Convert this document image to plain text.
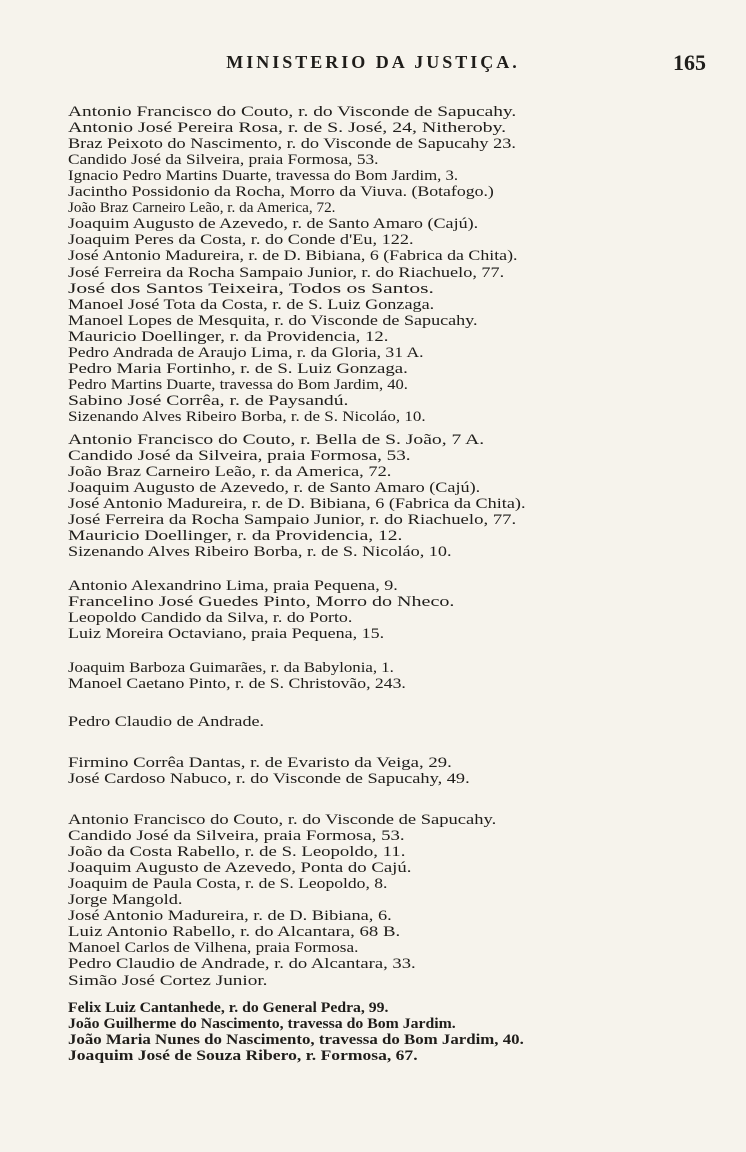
MINISTERIO DA JUSTIÇA.	165
Antonio Francisco do Couto, r. do Visconde de Sapucahy.
Antonio José Pereira Rosa, r. de S. José, 24, Nitheroby.
Braz Peixoto do Nascimento, r. do Visconde de Sapucahy 23.
Candido José da Silveira, praia Formosa, 53.
Ignacio Pedro Martins Duarte, travessa do Bom Jardim, 3.
Jacintho Possidonio da Rocha, Morro da Viuva. (Botafogo.)
João Braz Carneiro Leão, r. da America, 72.
Joaquim Augusto de Azevedo, r. de Santo Amaro (Cajú).
Joaquim Peres da Costa, r. do Conde d'Eu, 122.
José Antonio Madureira, r. de D. Bibiana, 6 (Fabrica da Chita).
José Ferreira da Rocha Sampaio Junior, r. do Riachuelo, 77.
José dos Santos Teixeira, Todos os Santos.
Manoel José Tota da Costa, r. de S. Luiz Gonzaga.
Manoel Lopes de Mesquita, r. do Visconde de Sapucahy.
Mauricio Doellinger, r. da Providencia, 12.
Pedro Andrada de Araujo Lima, r. da Gloria, 31 A.
Pedro Maria Fortinho, r. de S. Luiz Gonzaga.
Pedro Martins Duarte, travessa do Bom Jardim, 40.
Sabino José Corrêa, r. de Paysandú.
Sizenando Alves Ribeiro Borba, r. de S. Nicoláo, 10.
Antonio Francisco do Couto, r. Bella de S. João, 7 A.
Candido José da Silveira, praia Formosa, 53.
João Braz Carneiro Leão, r. da America, 72.
Joaquim Augusto de Azevedo, r. de Santo Amaro (Cajú).
José Antonio Madureira, r. de D. Bibiana, 6 (Fabrica da Chita).
José Ferreira da Rocha Sampaio Junior, r. do Riachuelo, 77.
Mauricio Doellinger, r. da Providencia, 12.
Sizenando Alves Ribeiro Borba, r. de S. Nicoláo, 10.
Antonio Alexandrino Lima, praia Pequena, 9.
Francelino José Guedes Pinto, Morro do Nheco.
Leopoldo Candido da Silva, r. do Porto.
Luiz Moreira Octaviano, praia Pequena, 15.
Joaquim Barboza Guimarães, r. da Babylonia, 1.
Manoel Caetano Pinto, r. de S. Christovão, 243.
Pedro Claudio de Andrade.
Firmino Corrêa Dantas, r. de Evaristo da Veiga, 29.
José Cardoso Nabuco, r. do Visconde de Sapucahy, 49.
Antonio Francisco do Couto, r. do Visconde de Sapucahy.
Candido José da Silveira, praia Formosa, 53.
João da Costa Rabello, r. de S. Leopoldo, 11.
Joaquim Augusto de Azevedo, Ponta do Cajú.
Joaquim de Paula Costa, r. de S. Leopoldo, 8.
Jorge Mangold.
José Antonio Madureira, r. de D. Bibiana, 6.
Luiz Antonio Rabello, r. do Alcantara, 68 B.
Manoel Carlos de Vilhena, praia Formosa.
Pedro Claudio de Andrade, r. do Alcantara, 33.
Simão José Cortez Junior.
Felix Luiz Cantanhede, r. do General Pedra, 99.
João Guilherme do Nascimento, travessa do Bom Jardim.
João Maria Nunes do Nascimento, travessa do Bom Jardim, 40.
Joaquim José de Souza Ribero, r. Formosa, 67.
